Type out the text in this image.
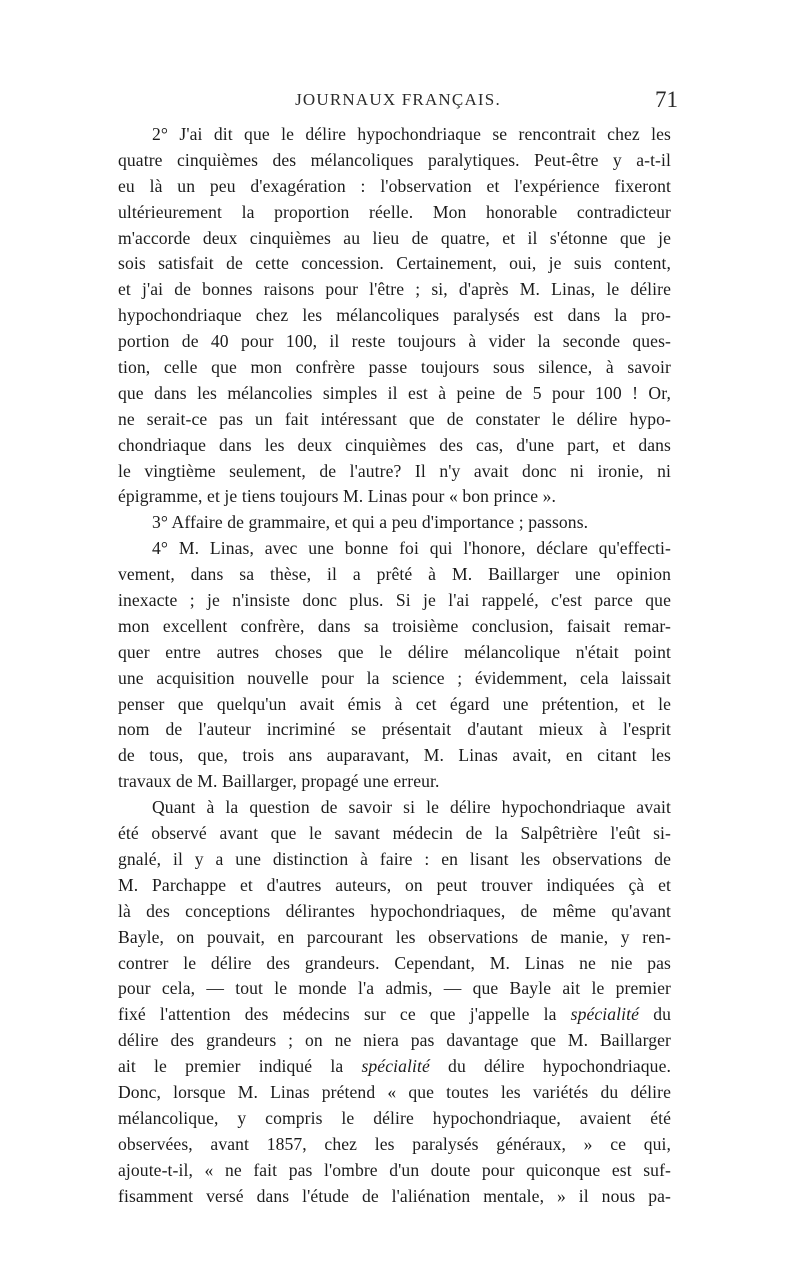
JOURNAUX FRANÇAIS.	71
2° J'ai dit que le délire hypochondriaque se rencontrait chez les
quatre cinquièmes des mélancoliques paralytiques. Peut-être y a-t-il
eu là un peu d'exagération : l'observation et l'expérience fixeront
ultérieurement la proportion réelle. Mon honorable contradicteur
m'accorde deux cinquièmes au lieu de quatre, et il s'étonne que je
sois satisfait de cette concession. Certainement, oui, je suis content,
et j'ai de bonnes raisons pour l'être ; si, d'après M. Linas, le délire
hypochondriaque chez les mélancoliques paralysés est dans la pro-
portion de 40 pour 100, il reste toujours à vider la seconde ques-
tion, celle que mon confrère passe toujours sous silence, à savoir
que dans les mélancolies simples il est à peine de 5 pour 100 ! Or,
ne serait-ce pas un fait intéressant que de constater le délire hypo-
chondriaque dans les deux cinquièmes des cas, d'une part, et dans
le vingtième seulement, de l'autre? Il n'y avait donc ni ironie, ni
épigramme, et je tiens toujours M. Linas pour « bon prince ».
3° Affaire de grammaire, et qui a peu d'importance ; passons.
4° M. Linas, avec une bonne foi qui l'honore, déclare qu'effecti-
vement, dans sa thèse, il a prêté à M. Baillarger une opinion
inexacte ; je n'insiste donc plus. Si je l'ai rappelé, c'est parce que
mon excellent confrère, dans sa troisième conclusion, faisait remar-
quer entre autres choses que le délire mélancolique n'était point
une acquisition nouvelle pour la science ; évidemment, cela laissait
penser que quelqu'un avait émis à cet égard une prétention, et le
nom de l'auteur incriminé se présentait d'autant mieux à l'esprit
de tous, que, trois ans auparavant, M. Linas avait, en citant les
travaux de M. Baillarger, propagé une erreur.
Quant à la question de savoir si le délire hypochondriaque avait
été observé avant que le savant médecin de la Salpêtrière l'eût si-
gnalé, il y a une distinction à faire : en lisant les observations de
M. Parchappe et d'autres auteurs, on peut trouver indiquées çà et
là des conceptions délirantes hypochondriaques, de même qu'avant
Bayle, on pouvait, en parcourant les observations de manie, y ren-
contrer le délire des grandeurs. Cependant, M. Linas ne nie pas
pour cela, — tout le monde l'a admis, — que Bayle ait le premier
fixé l'attention des médecins sur ce que j'appelle la spécialité du
délire des grandeurs ; on ne niera pas davantage que M. Baillarger
ait le premier indiqué la spécialité du délire hypochondriaque.
Donc, lorsque M. Linas prétend « que toutes les variétés du délire
mélancolique, y compris le délire hypochondriaque, avaient été
observées, avant 1857, chez les paralysés généraux, » ce qui,
ajoute-t-il, « ne fait pas l'ombre d'un doute pour quiconque est suf-
fisamment versé dans l'étude de l'aliénation mentale, » il nous pa-
